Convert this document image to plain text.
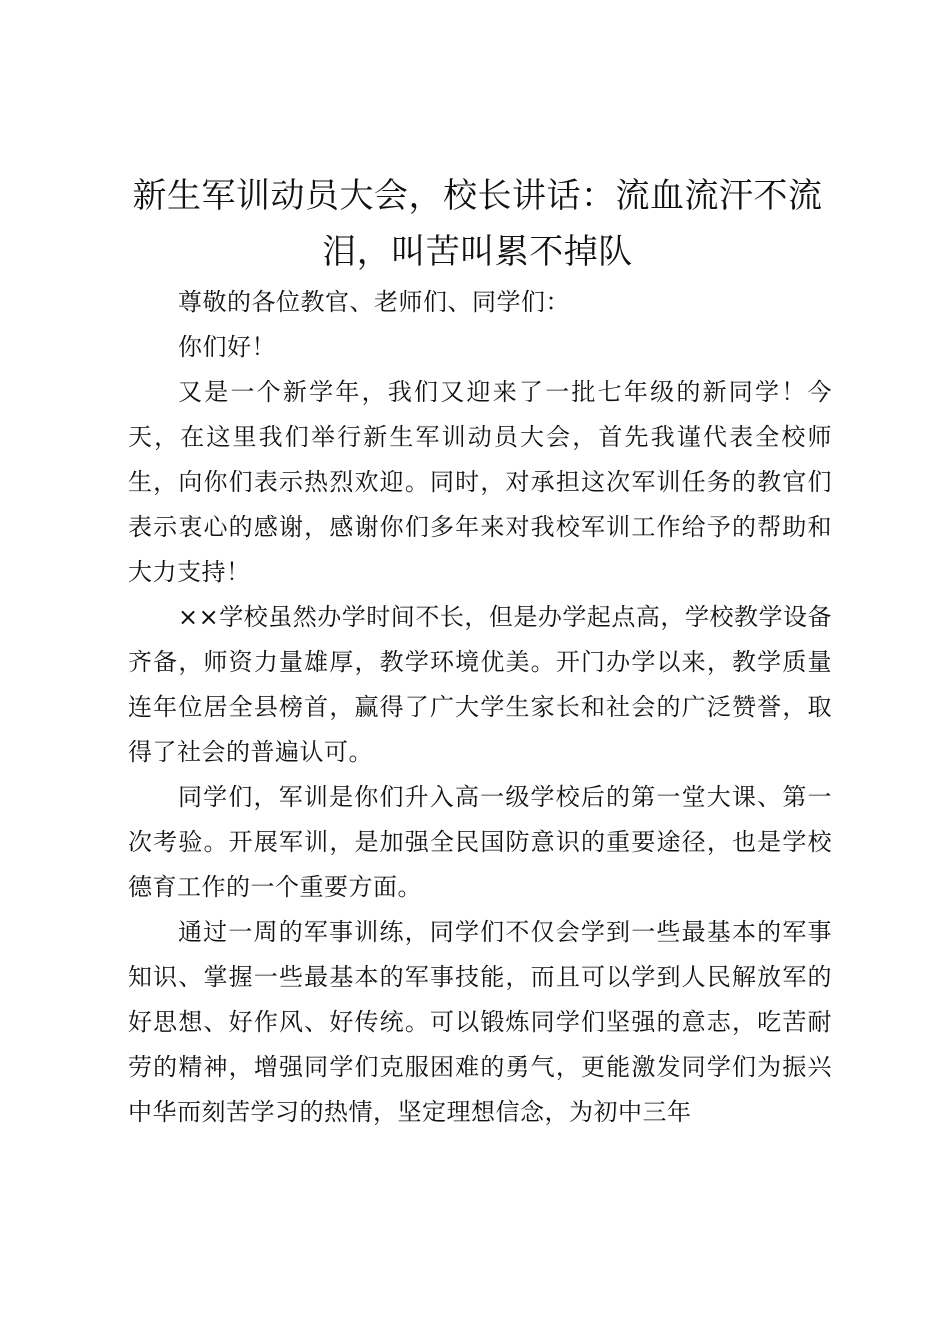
新生军训动员大会，校长讲话：流血流汗不流泪，叫苦叫累不掉队

尊敬的各位教官、老师们、同学们：

你们好！

又是一个新学年，我们又迎来了一批七年级的新同学！今天，在这里我们举行新生军训动员大会，首先我谨代表全校师生，向你们表示热烈欢迎。同时，对承担这次军训任务的教官们表示衷心的感谢，感谢你们多年来对我校军训工作给予的帮助和大力支持！

××学校虽然办学时间不长，但是办学起点高，学校教学设备齐备，师资力量雄厚，教学环境优美。开门办学以来，教学质量连年位居全县榜首，赢得了广大学生家长和社会的广泛赞誉，取得了社会的普遍认可。

同学们，军训是你们升入高一级学校后的第一堂大课、第一次考验。开展军训，是加强全民国防意识的重要途径，也是学校德育工作的一个重要方面。

通过一周的军事训练，同学们不仅会学到一些最基本的军事知识、掌握一些最基本的军事技能，而且可以学到人民解放军的好思想、好作风、好传统。可以锻炼同学们坚强的意志，吃苦耐劳的精神，增强同学们克服困难的勇气，更能激发同学们为振兴中华而刻苦学习的热情，坚定理想信念，为初中三年
